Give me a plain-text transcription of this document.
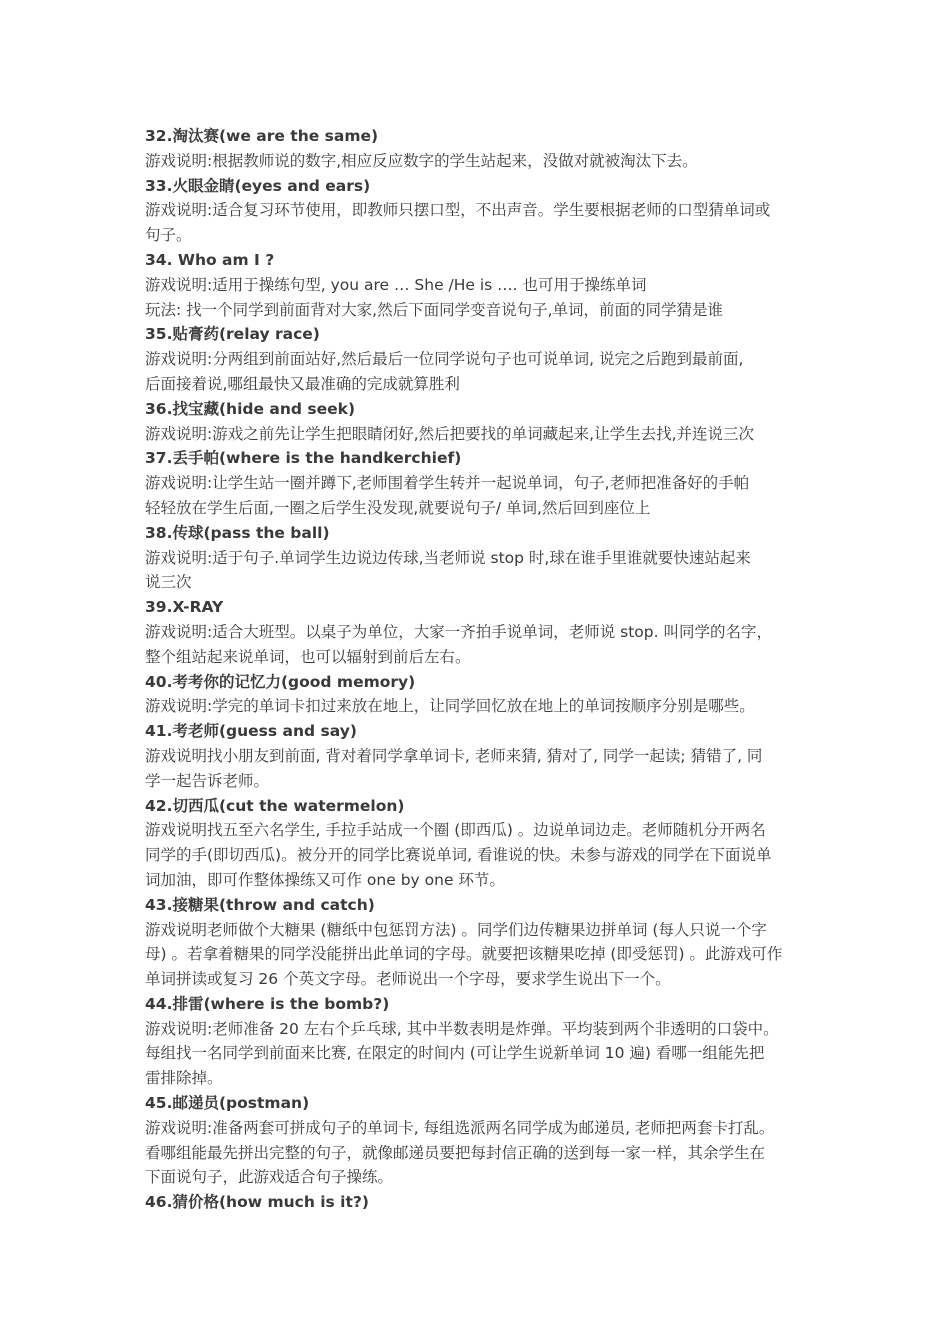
32.淘汰赛(we are the same)
游戏说明:根据教师说的数字,相应反应数字的学生站起来，没做对就被淘汰下去。
33.火眼金睛(eyes and ears)
游戏说明:适合复习环节使用，即教师只摆口型，不出声音。学生要根据老师的口型猜单词或
句子。
34. Who am I ?
游戏说明:适用于操练句型, you are … She /He is …. 也可用于操练单词
玩法: 找一个同学到前面背对大家,然后下面同学变音说句子,单词，前面的同学猜是谁
35.贴膏药(relay race)
游戏说明:分两组到前面站好,然后最后一位同学说句子也可说单词, 说完之后跑到最前面,
后面接着说,哪组最快又最准确的完成就算胜利
36.找宝藏(hide and seek)
游戏说明:游戏之前先让学生把眼睛闭好,然后把要找的单词藏起来,让学生去找,并连说三次
37.丢手帕(where is the handkerchief)
游戏说明:让学生站一圈并蹲下,老师围着学生转并一起说单词，句子,老师把准备好的手帕
轻轻放在学生后面,一圈之后学生没发现,就要说句子/ 单词,然后回到座位上
38.传球(pass the ball)
游戏说明:适于句子.单词学生边说边传球,当老师说 stop 时,球在谁手里谁就要快速站起来
说三次
39.X-RAY
游戏说明:适合大班型。以桌子为单位，大家一齐拍手说单词，老师说 stop. 叫同学的名字，
整个组站起来说单词，也可以辐射到前后左右。
40.考考你的记忆力(good memory)
游戏说明:学完的单词卡扣过来放在地上，让同学回忆放在地上的单词按顺序分别是哪些。
41.考老师(guess and say)
游戏说明找小朋友到前面, 背对着同学拿单词卡, 老师来猜, 猜对了, 同学一起读; 猜错了, 同
学一起告诉老师。
42.切西瓜(cut the watermelon)
游戏说明找五至六名学生, 手拉手站成一个圈 (即西瓜) 。边说单词边走。老师随机分开两名
同学的手(即切西瓜)。被分开的同学比赛说单词, 看谁说的快。未参与游戏的同学在下面说单
词加油，即可作整体操练又可作 one by one 环节。
43.接糖果(throw and catch)
游戏说明老师做个大糖果 (糖纸中包惩罚方法) 。同学们边传糖果边拼单词 (每人只说一个字
母) 。若拿着糖果的同学没能拼出此单词的字母。就要把该糖果吃掉 (即受惩罚) 。此游戏可作
单词拼读或复习 26 个英文字母。老师说出一个字母，要求学生说出下一个。
44.排雷(where is the bomb?)
游戏说明:老师准备 20 左右个乒乓球, 其中半数表明是炸弹。平均装到两个非透明的口袋中。
每组找一名同学到前面来比赛, 在限定的时间内 (可让学生说新单词 10 遍) 看哪一组能先把
雷排除掉。
45.邮递员(postman)
游戏说明:准备两套可拼成句子的单词卡, 每组选派两名同学成为邮递员, 老师把两套卡打乱。
看哪组能最先拼出完整的句子，就像邮递员要把每封信正确的送到每一家一样，其余学生在
下面说句子，此游戏适合句子操练。
46.猜价格(how much is it?)
